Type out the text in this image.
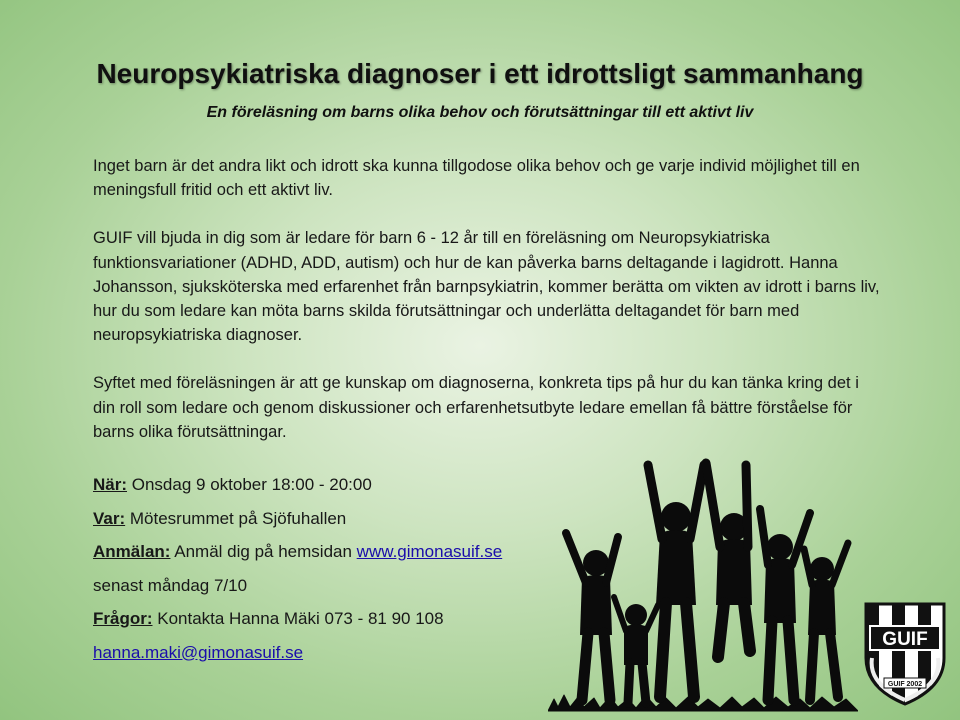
Neuropsykiatriska diagnoser i ett idrottsligt sammanhang
En föreläsning om barns olika behov och förutsättningar till ett aktivt liv

Inget barn är det andra likt och idrott ska kunna tillgodose olika behov och ge varje individ möjlighet till en meningsfull fritid och ett aktivt liv.

GUIF vill bjuda in dig som är ledare för barn 6 - 12 år till en föreläsning om Neuropsykiatriska funktionsvariationer (ADHD, ADD, autism) och hur de kan påverka barns deltagande i lagidrott. Hanna Johansson, sjuksköterska med erfarenhet från barnpsykiatrin, kommer berätta om vikten av idrott i barns liv, hur du som ledare kan möta barns skilda förutsättningar och underlätta deltagandet för barn med neuropsykiatriska diagnoser.

Syftet med föreläsningen är att ge kunskap om diagnoserna, konkreta tips på hur du kan tänka kring det i din roll som ledare och genom diskussioner och erfarenhetsutbyte ledare emellan få bättre förståelse för barns olika förutsättningar.

När: Onsdag 9 oktober 18:00 - 20:00
Var: Mötesrummet på Sjöfuhallen
Anmälan: Anmäl dig på hemsidan www.gimonasuif.se
senast måndag 7/10
Frågor: Kontakta Hanna Mäki 073 - 81 90 108
hanna.maki@gimonasuif.se
GUIF
GUIF 2002
